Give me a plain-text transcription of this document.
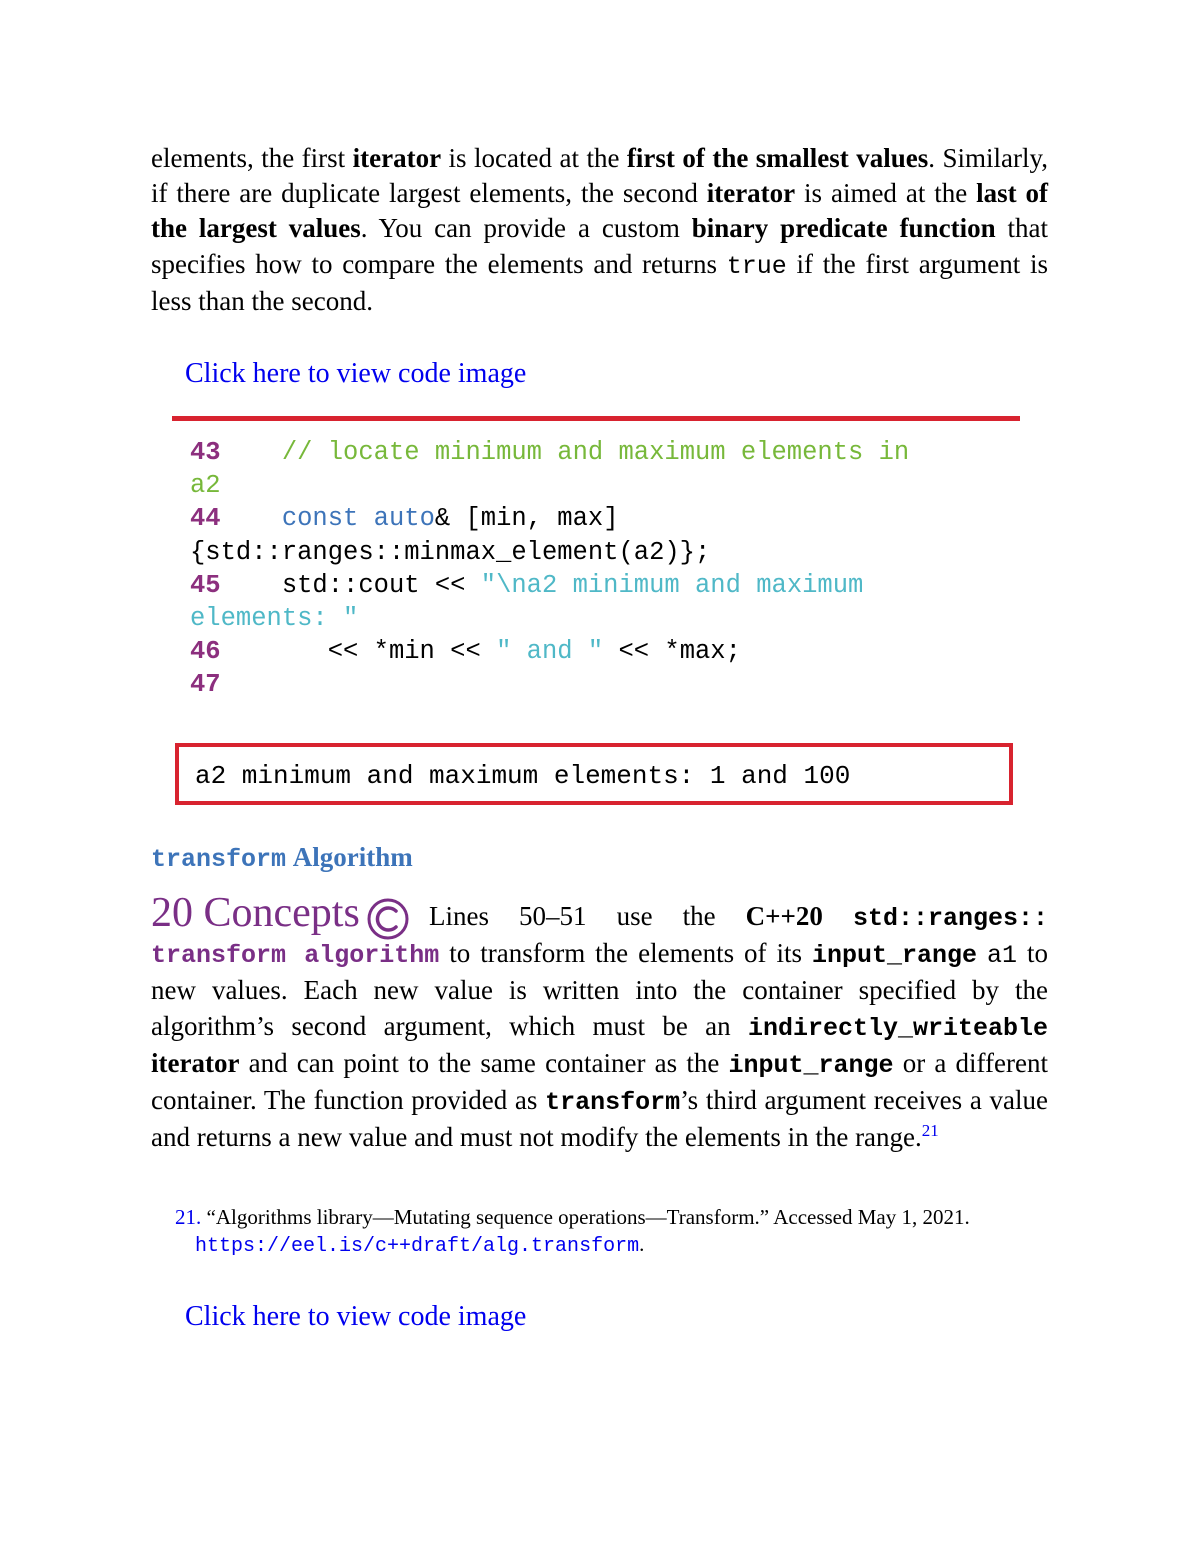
elements, the first iterator is located at the first of the smallest values. Similarly, if there are duplicate largest elements, the second iterator is aimed at the last of the largest values. You can provide a custom binary predicate function that specifies how to compare the elements and returns true if the first argument is less than the second.
Click here to view code image
43 // locate minimum and maximum elements in
a2
44 const auto& [min, max]
{std::ranges::minmax_element(a2)};
45 std::cout << "\na2 minimum and maximum
elements: "
46	<< *min << " and " << *max;
47
a2 minimum and maximum elements: 1 and 100
transform Algorithm
20 Concepts	Lines 50–51 use the C++20 std::ranges:: transform algorithm to transform the elements of its input_range a1 to new values. Each new value is written into the container specified by the algorithm’s second argument, which must be an indirectly_writeable iterator and can point to the same container as the input_range or a different container. The function provided as transform’s third argument receives a value and returns a new value and must not modify the elements in the range.$^{21}$
21. “Algorithms library—Mutating sequence operations—Transform.” Accessed May 1, 2021.
https://eel.is/c++draft/alg.transform.
Click here to view code image
